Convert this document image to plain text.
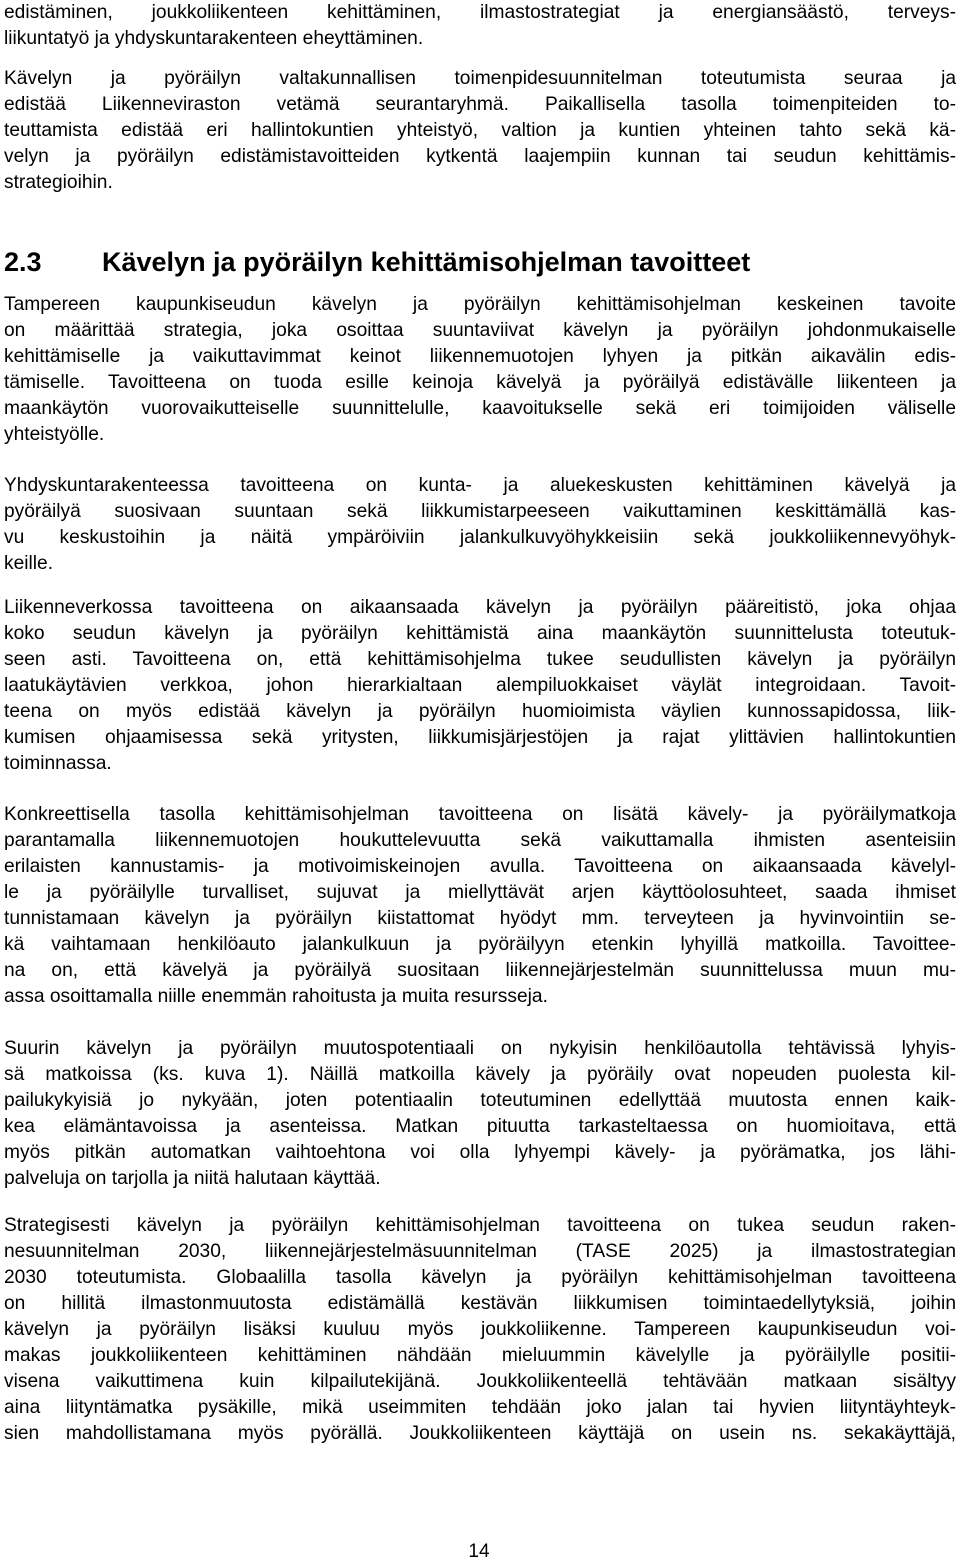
edistäminen, joukkoliikenteen kehittäminen, ilmastostrategiat ja energiansäästö, terveys-
liikuntatyö ja yhdyskuntarakenteen eheyttäminen.
Kävelyn ja pyöräilyn valtakunnallisen toimenpidesuunnitelman toteutumista seuraa ja
edistää Liikenneviraston vetämä seurantaryhmä. Paikallisella tasolla toimenpiteiden to-
teuttamista edistää eri hallintokuntien yhteistyö, valtion ja kuntien yhteinen tahto sekä kä-
velyn ja pyöräilyn edistämistavoitteiden kytkentä laajempiin kunnan tai seudun kehittämis-
strategioihin.
2.3	Kävelyn ja pyöräilyn kehittämisohjelman tavoitteet
Tampereen kaupunkiseudun kävelyn ja pyöräilyn kehittämisohjelman keskeinen tavoite
on määrittää strategia, joka osoittaa suuntaviivat kävelyn ja pyöräilyn johdonmukaiselle
kehittämiselle ja vaikuttavimmat keinot liikennemuotojen lyhyen ja pitkän aikavälin edis-
tämiselle. Tavoitteena on tuoda esille keinoja kävelyä ja pyöräilyä edistävälle liikenteen ja
maankäytön vuorovaikutteiselle suunnittelulle, kaavoitukselle sekä eri toimijoiden väliselle
yhteistyölle.
Yhdyskuntarakenteessa tavoitteena on kunta- ja aluekeskusten kehittäminen kävelyä ja
pyöräilyä suosivaan suuntaan sekä liikkumistarpeeseen vaikuttaminen keskittämällä kas-
vu keskustoihin ja näitä ympäröiviin jalankulkuvyöhykkeisiin sekä joukkoliikennevyöhyk-
keille.
Liikenneverkossa tavoitteena on aikaansaada kävelyn ja pyöräilyn pääreitistö, joka ohjaa
koko seudun kävelyn ja pyöräilyn kehittämistä aina maankäytön suunnittelusta toteutuk-
seen asti. Tavoitteena on, että kehittämisohjelma tukee seudullisten kävelyn ja pyöräilyn
laatukäytävien verkkoa, johon hierarkialtaan alempiluokkaiset väylät integroidaan. Tavoit-
teena on myös edistää kävelyn ja pyöräilyn huomioimista väylien kunnossapidossa, liik-
kumisen ohjaamisessa sekä yritysten, liikkumisjärjestöjen ja rajat ylittävien hallintokuntien
toiminnassa.
Konkreettisella tasolla kehittämisohjelman tavoitteena on lisätä kävely- ja pyöräilymatkoja
parantamalla liikennemuotojen houkuttelevuutta sekä vaikuttamalla ihmisten asenteisiin
erilaisten kannustamis- ja motivoimiskeinojen avulla. Tavoitteena on aikaansaada kävelyl-
le ja pyöräilylle turvalliset, sujuvat ja miellyttävät arjen käyttöolosuhteet, saada ihmiset
tunnistamaan kävelyn ja pyöräilyn kiistattomat hyödyt mm. terveyteen ja hyvinvointiin se-
kä vaihtamaan henkilöauto jalankulkuun ja pyöräilyyn etenkin lyhyillä matkoilla. Tavoittee-
na on, että kävelyä ja pyöräilyä suositaan liikennejärjestelmän suunnittelussa muun mu-
assa osoittamalla niille enemmän rahoitusta ja muita resursseja.
Suurin kävelyn ja pyöräilyn muutospotentiaali on nykyisin henkilöautolla tehtävissä lyhyis-
sä matkoissa (ks. kuva 1). Näillä matkoilla kävely ja pyöräily ovat nopeuden puolesta kil-
pailukykyisiä jo nykyään, joten potentiaalin toteutuminen edellyttää muutosta ennen kaik-
kea elämäntavoissa ja asenteissa. Matkan pituutta tarkasteltaessa on huomioitava, että
myös pitkän automatkan vaihtoehtona voi olla lyhyempi kävely- ja pyörämatka, jos lähi-
palveluja on tarjolla ja niitä halutaan käyttää.
Strategisesti kävelyn ja pyöräilyn kehittämisohjelman tavoitteena on tukea seudun raken-
nesuunnitelman 2030, liikennejärjestelmäsuunnitelman (TASE 2025) ja ilmastostrategian
2030 toteutumista. Globaalilla tasolla kävelyn ja pyöräilyn kehittämisohjelman tavoitteena
on hillitä ilmastonmuutosta edistämällä kestävän liikkumisen toimintaedellytyksiä, joihin
kävelyn ja pyöräilyn lisäksi kuuluu myös joukkoliikenne. Tampereen kaupunkiseudun voi-
makas joukkoliikenteen kehittäminen nähdään mieluummin kävelylle ja pyöräilylle positii-
visena vaikuttimena kuin kilpailutekijänä. Joukkoliikenteellä tehtävään matkaan sisältyy
aina liityntämatka pysäkille, mikä useimmiten tehdään joko jalan tai hyvien liityntäyhteyk-
sien mahdollistamana myös pyörällä. Joukkoliikenteen käyttäjä on usein ns. sekakäyttäjä,
14
